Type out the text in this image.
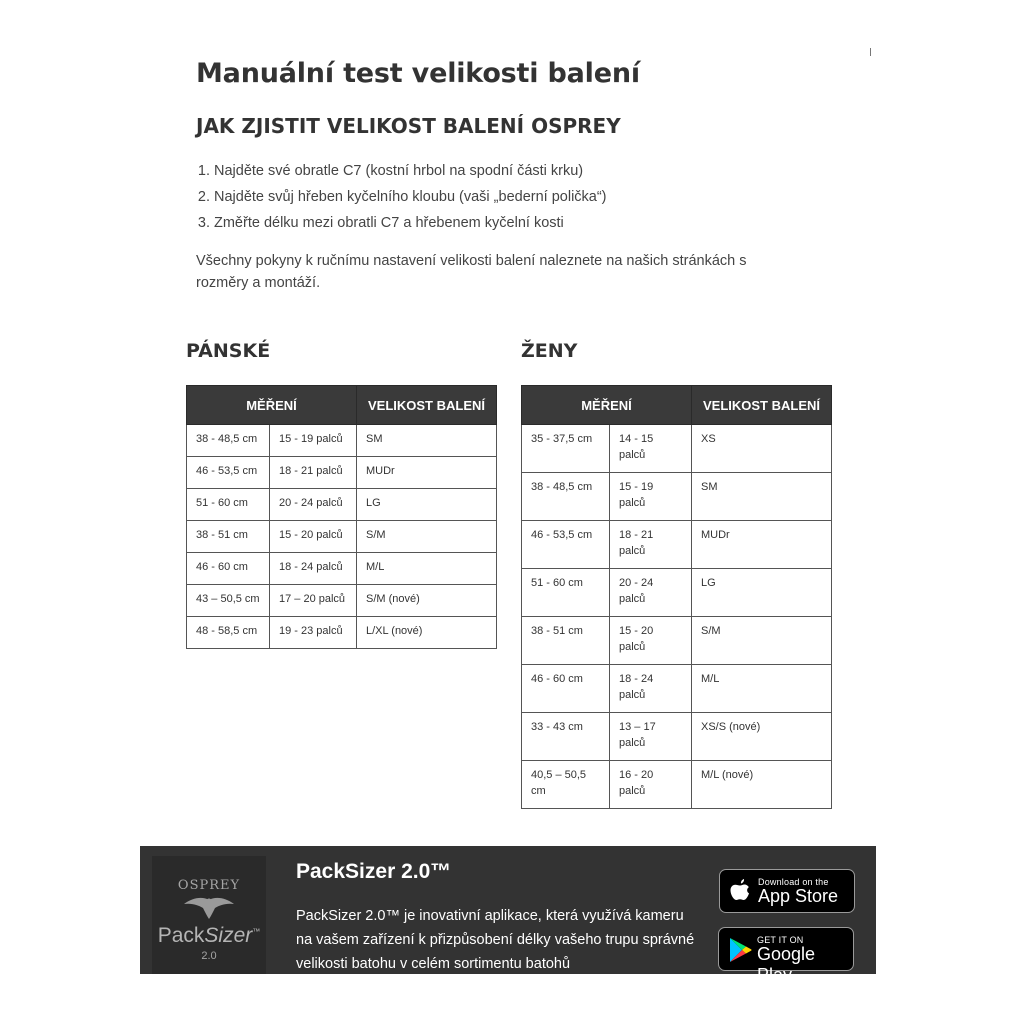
Manuální test velikosti balení
JAK ZJISTIT VELIKOST BALENÍ OSPREY
1. Najděte své obratle C7 (kostní hrbol na spodní části krku)
2. Najděte svůj hřeben kyčelního kloubu (vaši „bederní polička“)
3. Změřte délku mezi obratli C7 a hřebenem kyčelní kosti

Všechny pokyny k ručnímu nastavení velikosti balení naleznete na našich stránkách s rozměry a montáží.

PÁNSKÉ	ŽENY
MĚŘENÍ		VELIKOST BALENÍ
38 - 48,5 cm	15 - 19 palců	SM
46 - 53,5 cm	18 - 21 palců	MUDr
51 - 60 cm	20 - 24 palců	LG
38 - 51 cm	15 - 20 palců	S/M
46 - 60 cm	18 - 24 palců	M/L
43 – 50,5 cm	17 – 20 palců	S/M (nové)
48 - 58,5 cm	19 - 23 palců	L/XL (nové)
MĚŘENÍ		VELIKOST BALENÍ
35 - 37,5 cm	14 - 15 palců	XS
38 - 48,5 cm	15 - 19 palců	SM
46 - 53,5 cm	18 - 21 palců	MUDr
51 - 60 cm	20 - 24 palců	LG
38 - 51 cm	15 - 20 palců	S/M
46 - 60 cm	18 - 24 palců	M/L
33 - 43 cm	13 – 17 palců	XS/S (nové)
40,5 – 50,5 cm	16 - 20 palců	M/L (nové)
OSPREY
PackSizer™
2.0
PackSizer 2.0™

PackSizer 2.0™ je inovativní aplikace, která využívá kameru na vašem zařízení k přizpůsobení délky vašeho trupu správné velikosti batohu v celém sortimentu batohů

Download on the
App Store
GET IT ON
Google Play
